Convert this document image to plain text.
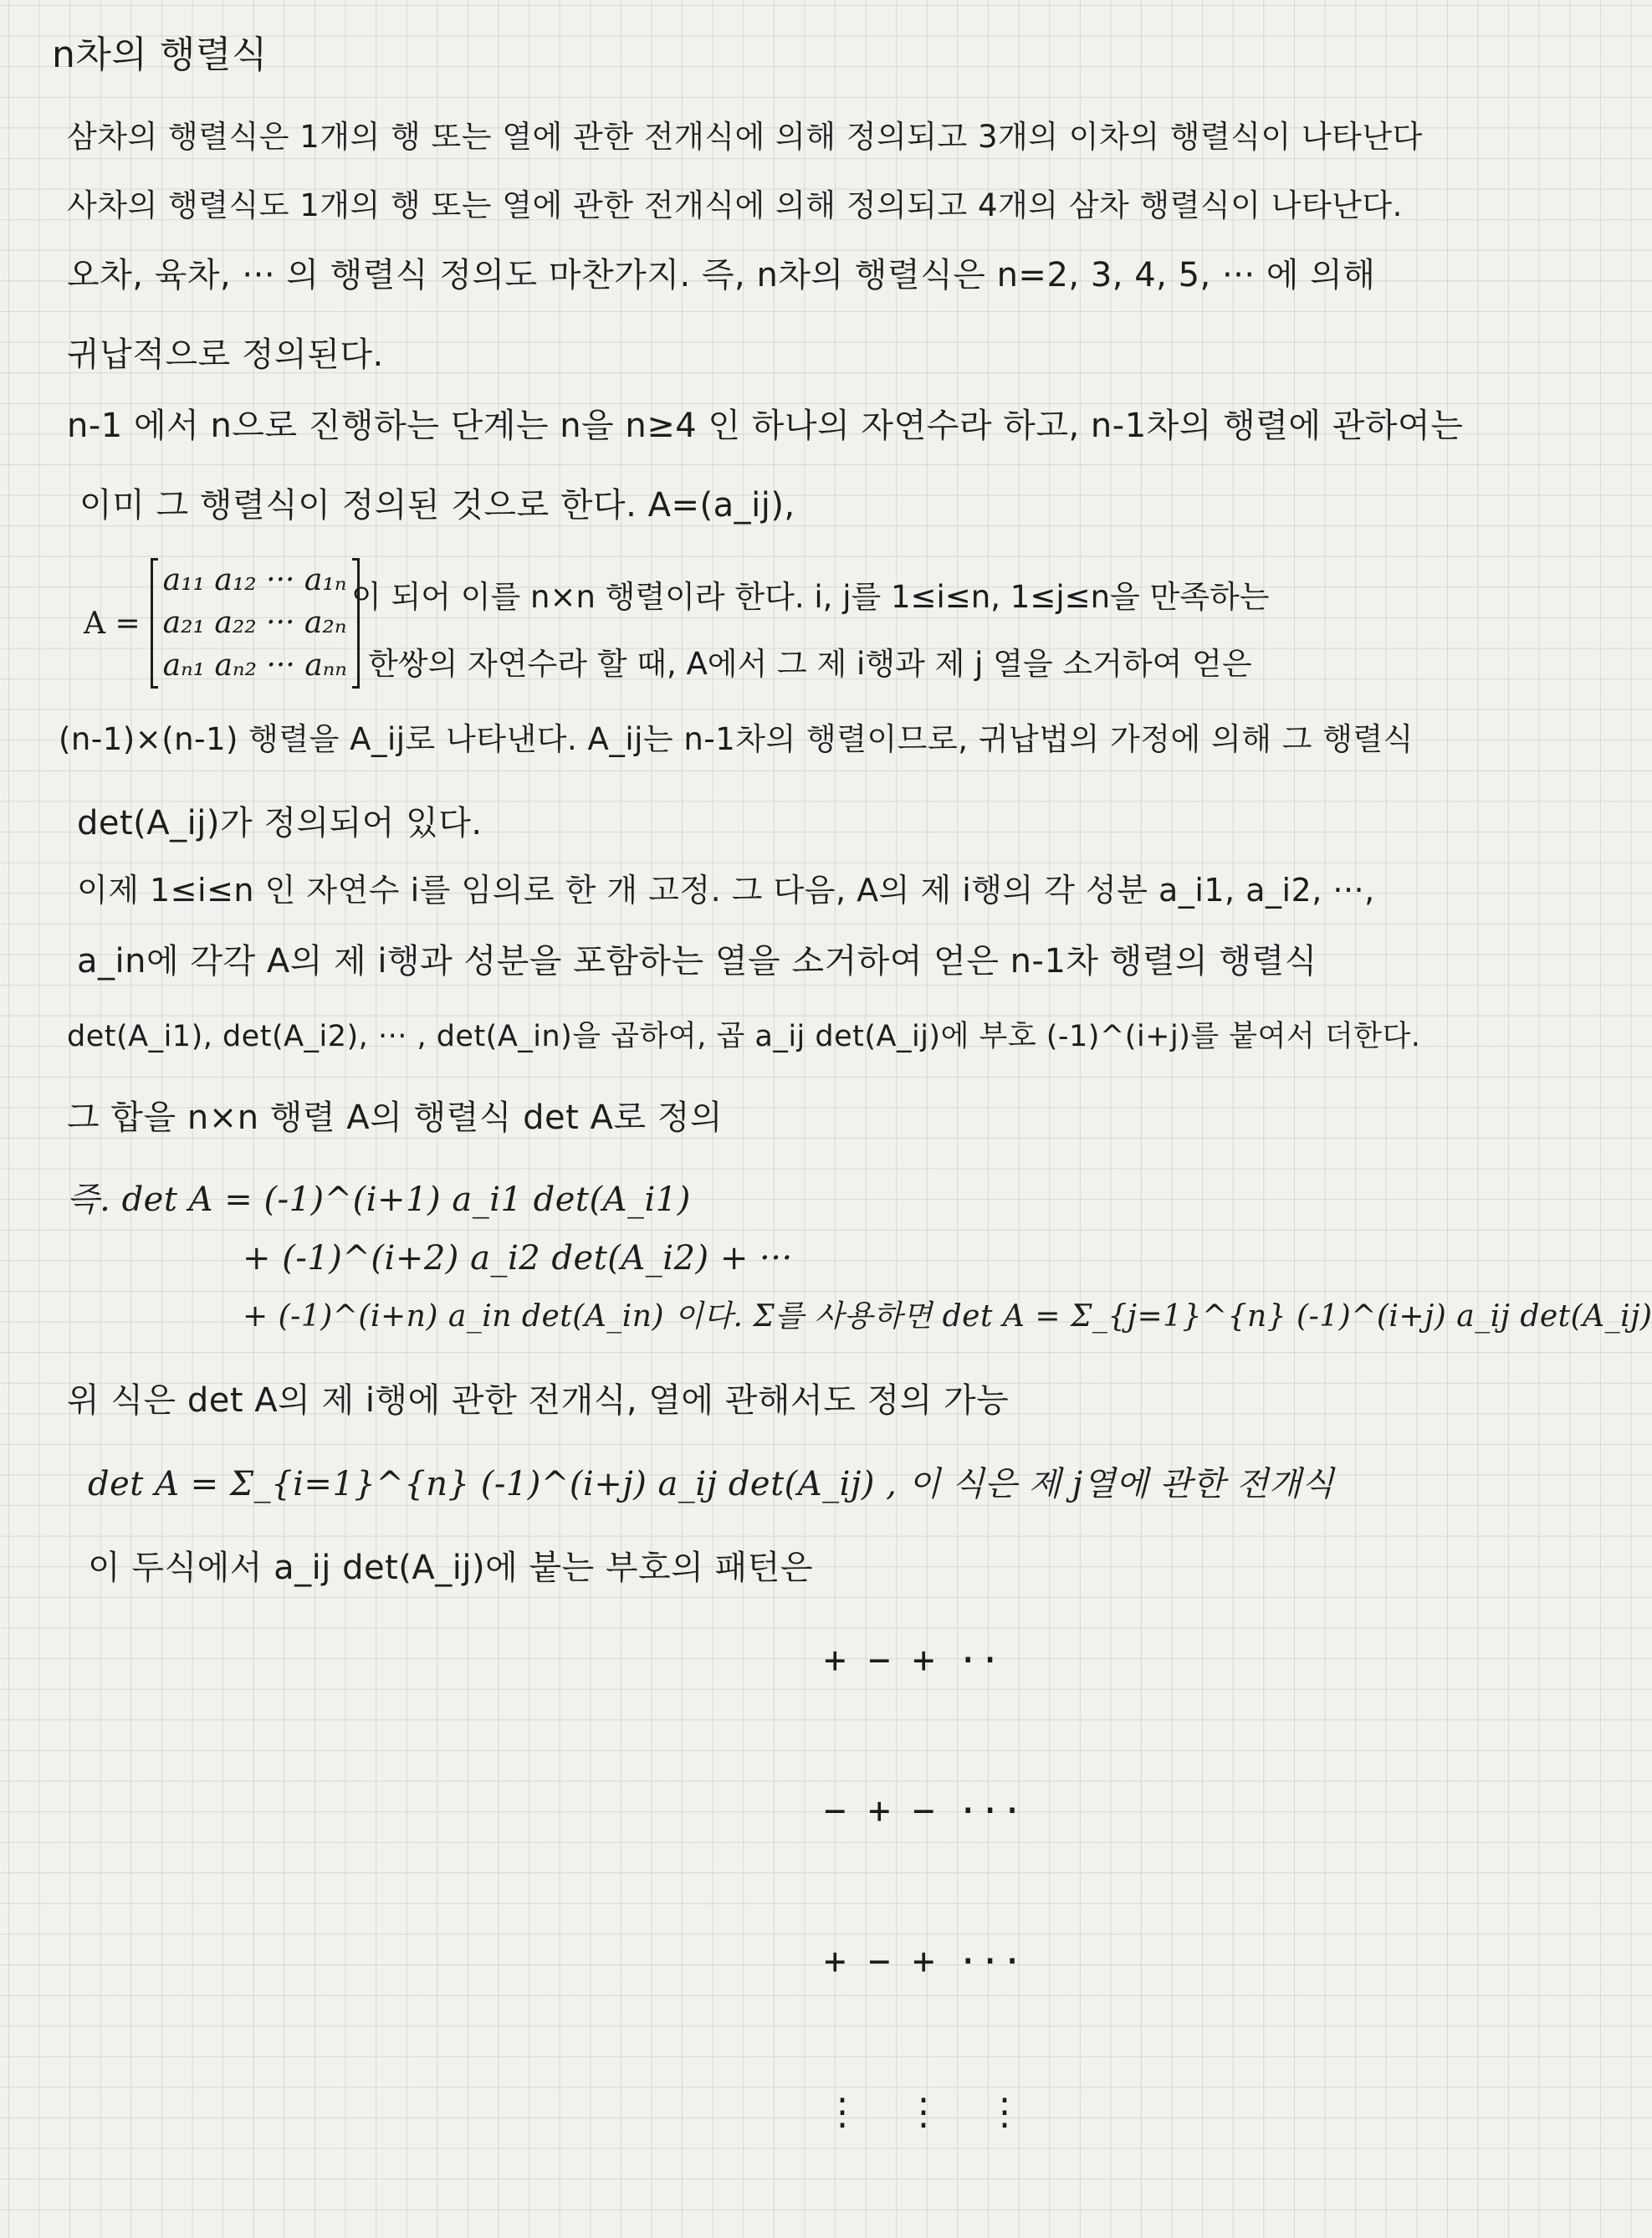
n차의 행렬식
삼차의 행렬식은 1개의 행 또는 열에 관한 전개식에 의해 정의되고 3개의 이차의 행렬식이 나타난다
사차의 행렬식도 1개의 행 또는 열에 관한 전개식에 의해 정의되고 4개의 삼차 행렬식이 나타난다.
오차, 육차, ··· 의 행렬식 정의도 마찬가지. 즉, n차의 행렬식은 n=2, 3, 4, 5, ··· 에 의해
귀납적으로 정의된다.
n-1 에서 n으로 진행하는 단계는 n을 n≥4 인 하나의 자연수라 하고, n-1차의 행렬에 관하여는
이미 그 행렬식이 정의된 것으로 한다. A=(a_ij),
A =
a₁₁ a₁₂ ··· a₁ₙ
a₂₁ a₂₂ ··· a₂ₙ
aₙ₁ aₙ₂ ··· aₙₙ
이 되어 이를 n×n 행렬이라 한다. i, j를 1≤i≤n, 1≤j≤n을 만족하는
한쌍의 자연수라 할 때, A에서 그 제 i행과 제 j 열을 소거하여 얻은
(n-1)×(n-1) 행렬을 A_ij로 나타낸다. A_ij는 n-1차의 행렬이므로, 귀납법의 가정에 의해 그 행렬식
det(A_ij)가 정의되어 있다.
이제 1≤i≤n 인 자연수 i를 임의로 한 개 고정. 그 다음, A의 제 i행의 각 성분 a_i1, a_i2, ···,
a_in에 각각 A의 제 i행과 성분을 포함하는 열을 소거하여 얻은 n-1차 행렬의 행렬식
det(A_i1), det(A_i2), ··· , det(A_in)을 곱하여, 곱 a_ij det(A_ij)에 부호 (-1)^(i+j)를 붙여서 더한다.
그 합을 n×n 행렬 A의 행렬식 det A로 정의
즉. det A = (-1)^(i+1) a_i1 det(A_i1)
+ (-1)^(i+2) a_i2 det(A_i2) + ···
+ (-1)^(i+n) a_in det(A_in) 이다. Σ를 사용하면 det A = Σ_{j=1}^{n} (-1)^(i+j) a_ij det(A_ij)
위 식은 det A의 제 i행에 관한 전개식, 열에 관해서도 정의 가능
det A = Σ_{i=1}^{n} (-1)^(i+j) a_ij det(A_ij) , 이 식은 제 j열에 관한 전개식
이 두식에서 a_ij det(A_ij)에 붙는 부호의 패턴은

+ − + ··

− + − ···

+ − + ···

⋮  ⋮  ⋮
